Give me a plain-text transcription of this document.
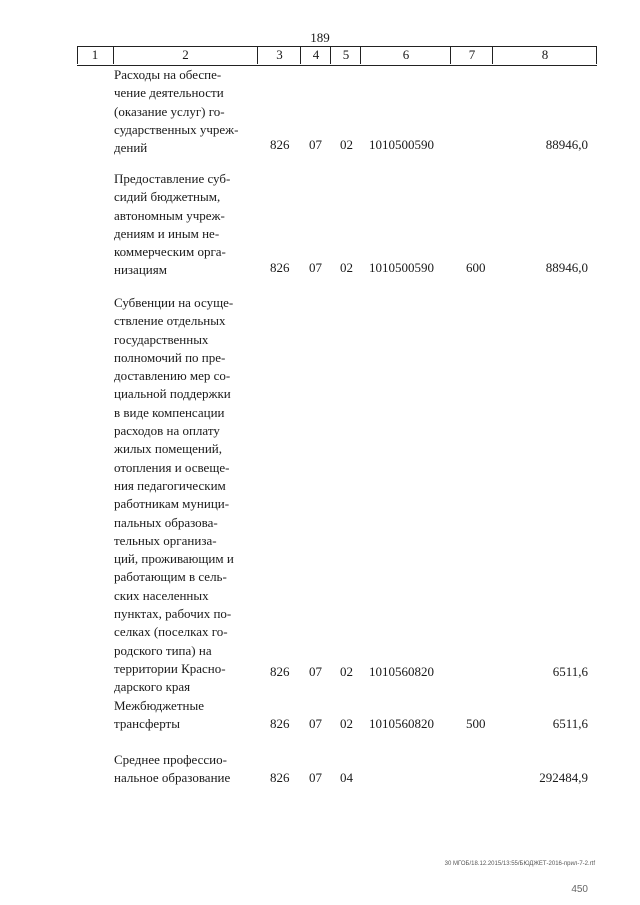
189
1	2	3	4	5	6	7	8
Расходы на обеспе-
чение деятельности
(оказание услуг) го-
сударственных учреж-
дений	826 07 02 1010500590	88946,0
Предоставление суб-
сидий бюджетным,
автономным учреж-
дениям и иным не-
коммерческим орга-
низациям	826 07 02 1010500590 600	88946,0
Субвенции на осуще-
ствление отдельных
государственных
полномочий по пре-
доставлению мер со-
циальной поддержки
в виде компенсации
расходов на оплату
жилых помещений,
отопления и освеще-
ния педагогическим
работникам муници-
пальных образова-
тельных организа-
ций, проживающим и
работающим в сель-
ских населенных
пунктах, рабочих по-
селках (поселках го-
родского типа) на
территории Красно-
дарского края
826 07 02 1010560820	6511,6
Межбюджетные
трансферты	826 07 02 1010560820 500	6511,6
Среднее профессио-
нальное образование	826 07 04	292484,9
30 МГОБ/18.12.2015/13:55/БЮДЖЕТ-2016-прил-7-2.rtf
450
